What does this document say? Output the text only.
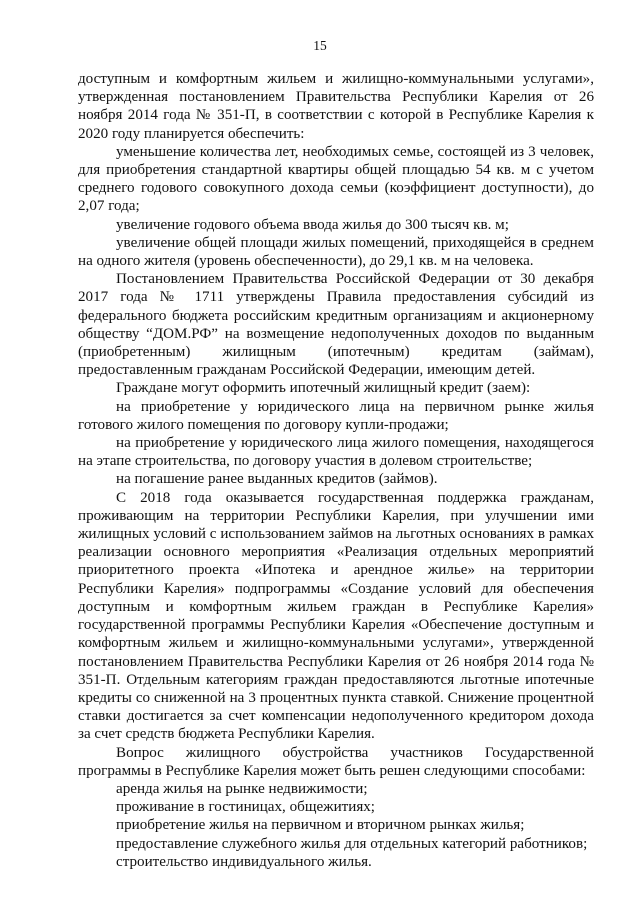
15

доступным и комфортным жильем и жилищно-коммунальными услугами», утвержденная постановлением Правительства Республики Карелия от 26 ноября 2014 года № 351-П, в соответствии с которой в Республике Карелия к 2020 году планируется обеспечить:

уменьшение количества лет, необходимых семье, состоящей из 3 человек, для приобретения стандартной квартиры общей площадью 54 кв. м с учетом среднего годового совокупного дохода семьи (коэффициент доступности), до 2,07 года;

увеличение годового объема ввода жилья до 300 тысяч кв. м;

увеличение общей площади жилых помещений, приходящейся в среднем на одного жителя (уровень обеспеченности), до 29,1 кв. м на человека.

Постановлением Правительства Российской Федерации от 30 декабря 2017 года № 1711 утверждены Правила предоставления субсидий из федерального бюджета российским кредитным организациям и акционерному обществу “ДОМ.РФ” на возмещение недополученных доходов по выданным (приобретенным) жилищным (ипотечным) кредитам (займам), предоставленным гражданам Российской Федерации, имеющим детей.

Граждане могут оформить ипотечный жилищный кредит (заем):

на приобретение у юридического лица на первичном рынке жилья готового жилого помещения по договору купли-продажи;

на приобретение у юридического лица жилого помещения, находящегося на этапе строительства, по договору участия в долевом строительстве;

на погашение ранее выданных кредитов (займов).

С 2018 года оказывается государственная поддержка гражданам, проживающим на территории Республики Карелия, при улучшении ими жилищных условий с использованием займов на льготных основаниях в рамках реализации основного мероприятия «Реализация отдельных мероприятий приоритетного проекта «Ипотека и арендное жилье» на территории Республики Карелия» подпрограммы «Создание условий для обеспечения доступным и комфортным жильем граждан в Республике Карелия» государственной программы Республики Карелия «Обеспечение доступным и комфортным жильем и жилищно-коммунальными услугами», утвержденной постановлением Правительства Республики Карелия от 26 ноября 2014 года № 351-П. Отдельным категориям граждан предоставляются льготные ипотечные кредиты со сниженной на 3 процентных пункта ставкой. Снижение процентной ставки достигается за счет компенсации недополученного кредитором дохода за счет средств бюджета Республики Карелия.

Вопрос жилищного обустройства участников Государственной программы в Республике Карелия может быть решен следующими способами:

аренда жилья на рынке недвижимости;

проживание в гостиницах, общежитиях;

приобретение жилья на первичном и вторичном рынках жилья;

предоставление служебного жилья для отдельных категорий работников;

строительство индивидуального жилья.
